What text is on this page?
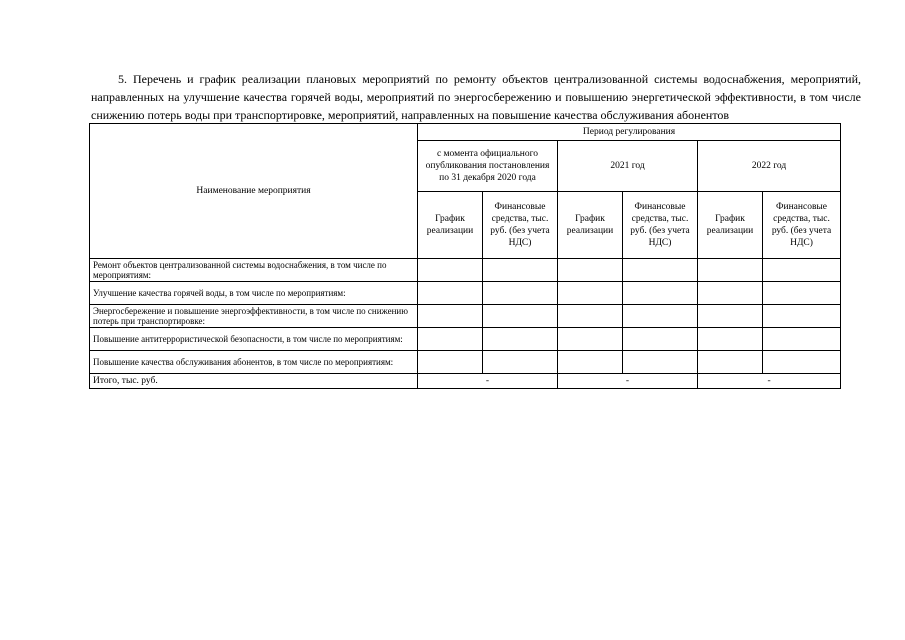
5. Перечень и график реализации плановых мероприятий по ремонту объектов централизованной системы водоснабжения, мероприятий, направленных на улучшение качества горячей воды, мероприятий по энергосбережению и повышению энергетической эффективности, в том числе снижению потерь воды при транспортировке, мероприятий, направленных на повышение качества обслуживания абонентов

Наименование мероприятия	Период регулирования					
	с момента официального опубликования постановления по 31 декабря 2020 года		2021 год		2022 год	
	График реализации	Финансовые средства, тыс. руб. (без учета НДС)	График реализации	Финансовые средства, тыс. руб. (без учета НДС)	График реализации	Финансовые средства, тыс. руб. (без учета НДС)
Ремонт объектов централизованной системы водоснабжения, в том числе по мероприятиям:						
Улучшение качества горячей воды, в том числе по мероприятиям:						
Энергосбережение и повышение энергоэффективности, в том числе по снижению потерь при транспортировке:						
Повышение антитеррористической безопасности, в том числе по мероприятиям:						
Повышение качества обслуживания абонентов, в том числе по мероприятиям:						
Итого, тыс. руб.	-		-		-	
